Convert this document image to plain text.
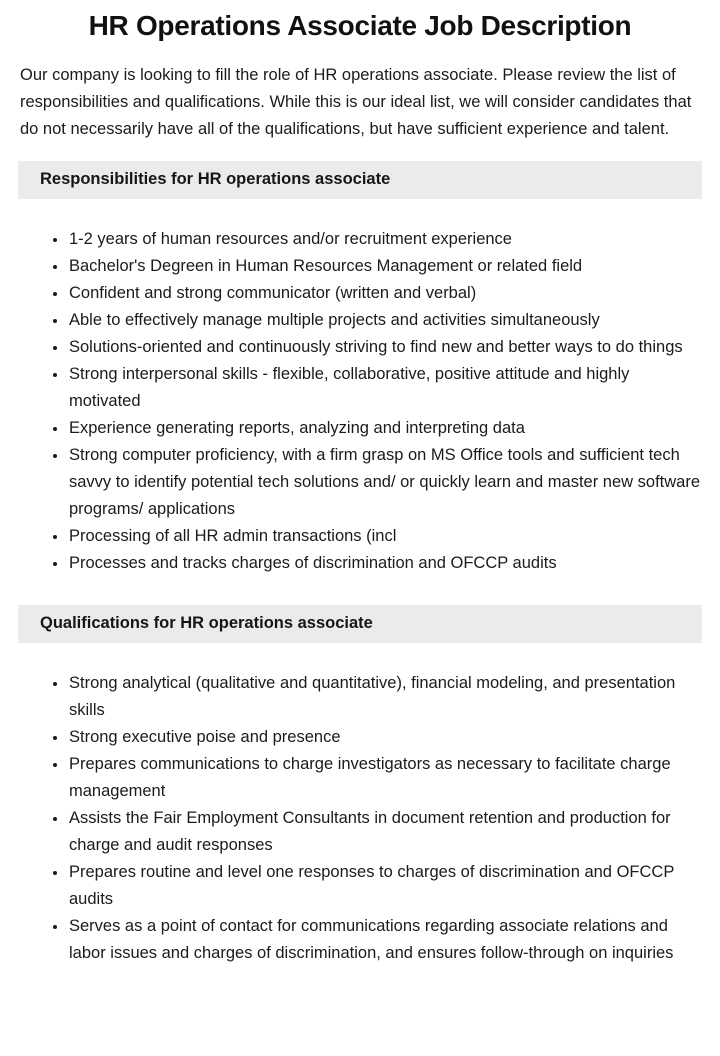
HR Operations Associate Job Description

Our company is looking to fill the role of HR operations associate. Please review the list of responsibilities and qualifications. While this is our ideal list, we will consider candidates that do not necessarily have all of the qualifications, but have sufficient experience and talent.

Responsibilities for HR operations associate
• 1-2 years of human resources and/or recruitment experience
• Bachelor's Degreen in Human Resources Management or related field
• Confident and strong communicator (written and verbal)
• Able to effectively manage multiple projects and activities simultaneously
• Solutions-oriented and continuously striving to find new and better ways to do things
• Strong interpersonal skills - flexible, collaborative, positive attitude and highly motivated
• Experience generating reports, analyzing and interpreting data
• Strong computer proficiency, with a firm grasp on MS Office tools and sufficient tech savvy to identify potential tech solutions and/ or quickly learn and master new software programs/ applications
• Processing of all HR admin transactions (incl
• Processes and tracks charges of discrimination and OFCCP audits
Qualifications for HR operations associate
• Strong analytical (qualitative and quantitative), financial modeling, and presentation skills
• Strong executive poise and presence
• Prepares communications to charge investigators as necessary to facilitate charge management
• Assists the Fair Employment Consultants in document retention and production for charge and audit responses
• Prepares routine and level one responses to charges of discrimination and OFCCP audits
• Serves as a point of contact for communications regarding associate relations and labor issues and charges of discrimination, and ensures follow-through on inquiries
